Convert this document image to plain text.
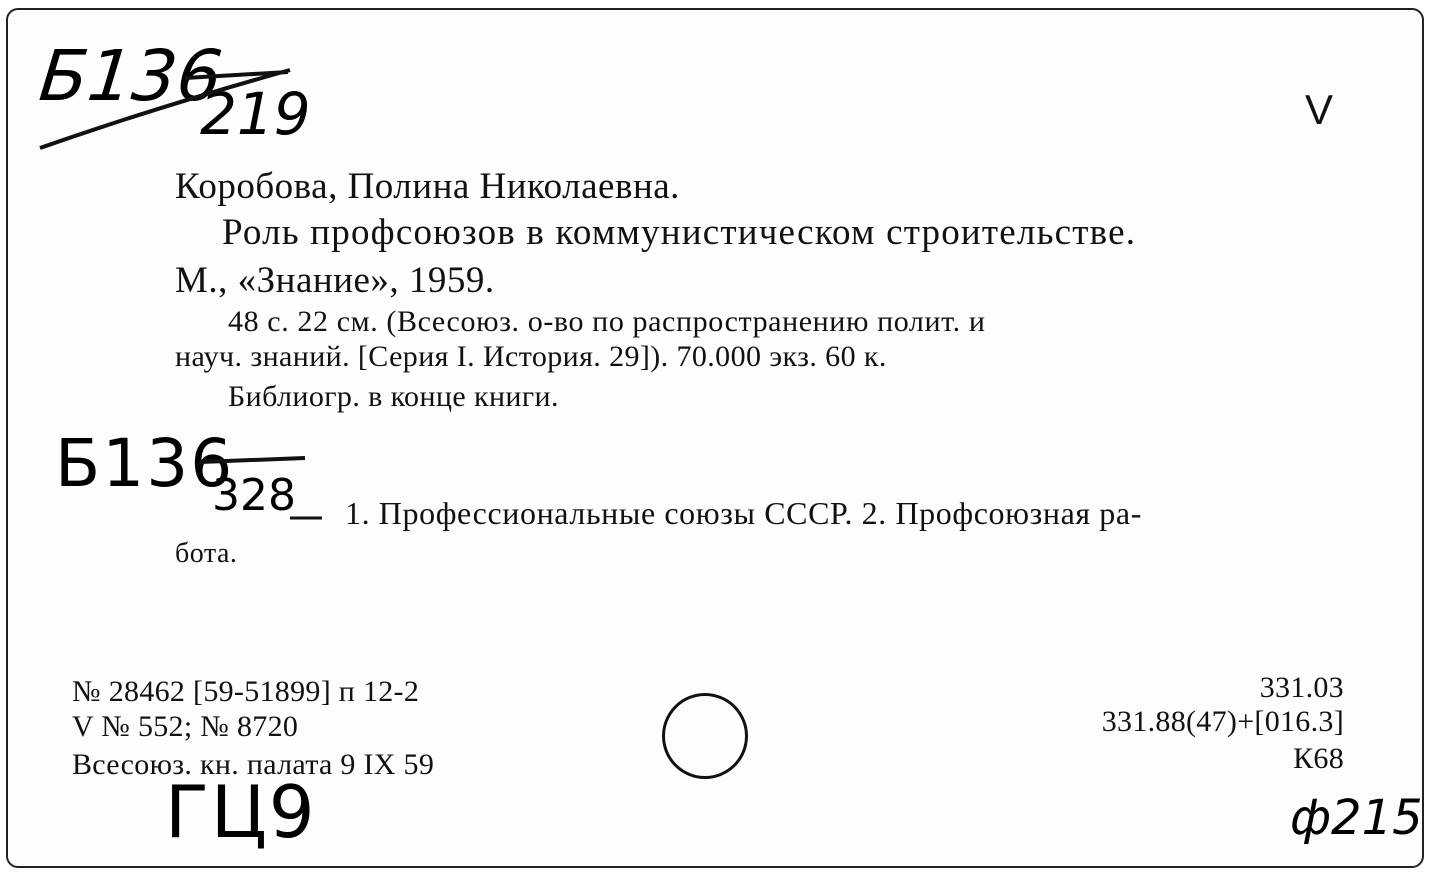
Б136
219	V
Коробова, Полина Николаевна.
Роль профсоюзов в коммунистическом строительстве.
М., «Знание», 1959.
48 с. 22 см. (Всесоюз. о-во по распространению полит. и
науч. знаний. [Серия I. История. 29]). 70.000 экз. 60 к.
Библиогр. в конце книги.
Б136
328 1. Профессиональные союзы СССР. 2. Профсоюзная ра-
бота.
№ 28462 [59-51899] п 12-2
V № 552; № 8720
Всесоюз. кн. палата 9 IX 59
331.03
331.88(47)+[016.3]
К68
ГЦ9	ф215
